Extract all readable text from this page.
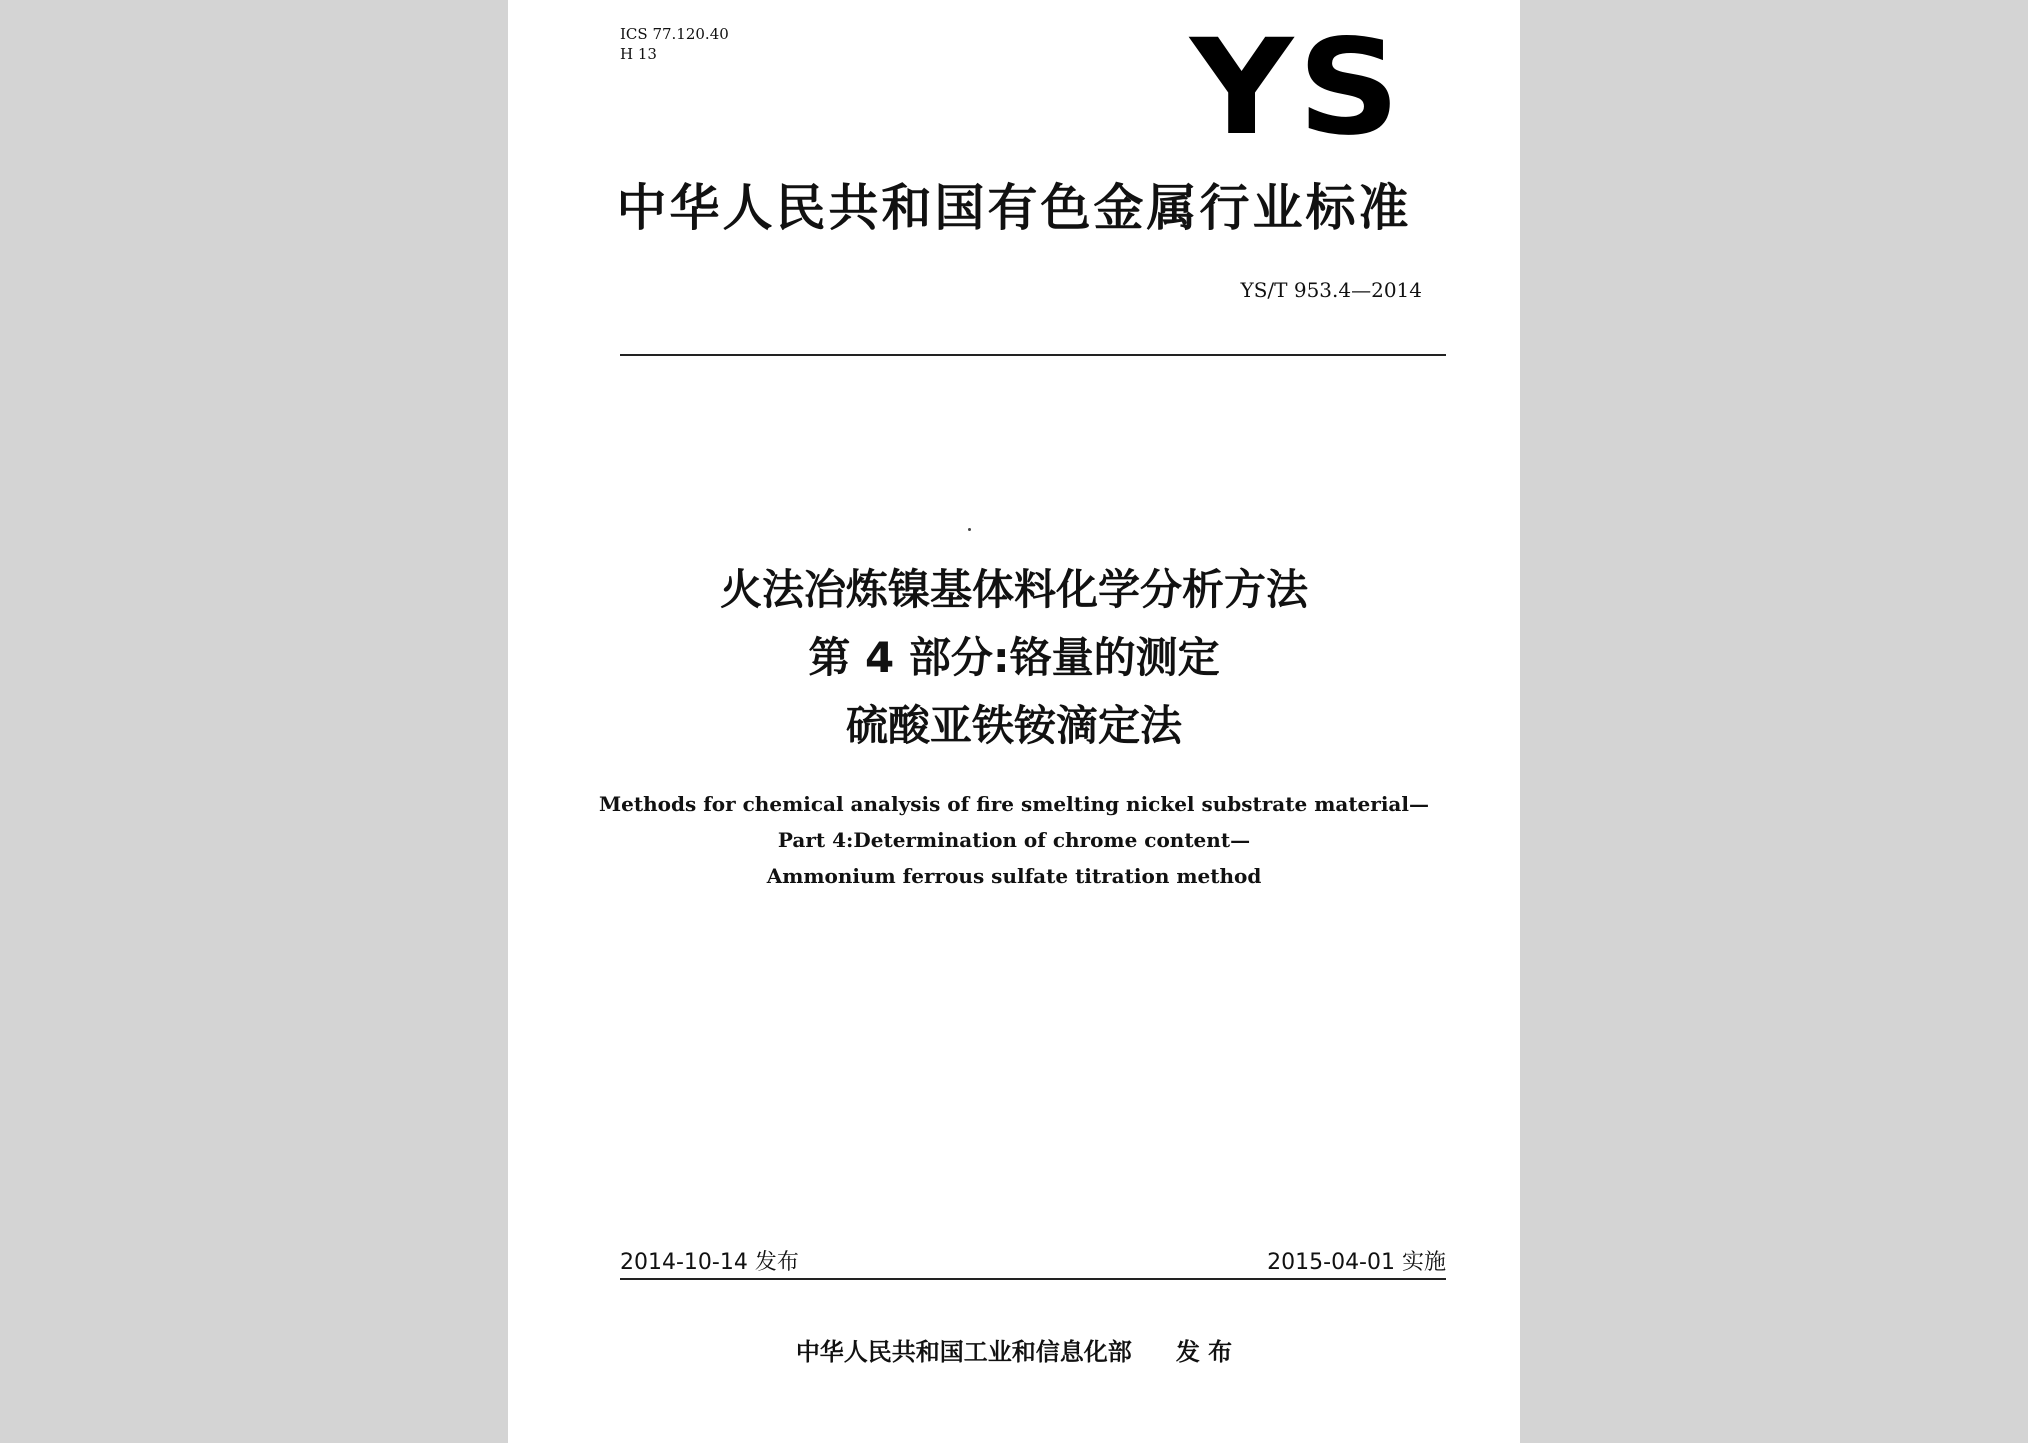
ICS 77.120.40
H 13	YS
中华人民共和国有色金属行业标准
YS/T 953.4—2014
火法冶炼镍基体料化学分析方法
第 4 部分:铬量的测定
硫酸亚铁铵滴定法
Methods for chemical analysis of fire smelting nickel substrate material—
Part 4:Determination of chrome content—
Ammonium ferrous sulfate titration method
2014-10-14 发布	2015-04-01 实施
中华人民共和国工业和信息化部 发 布
